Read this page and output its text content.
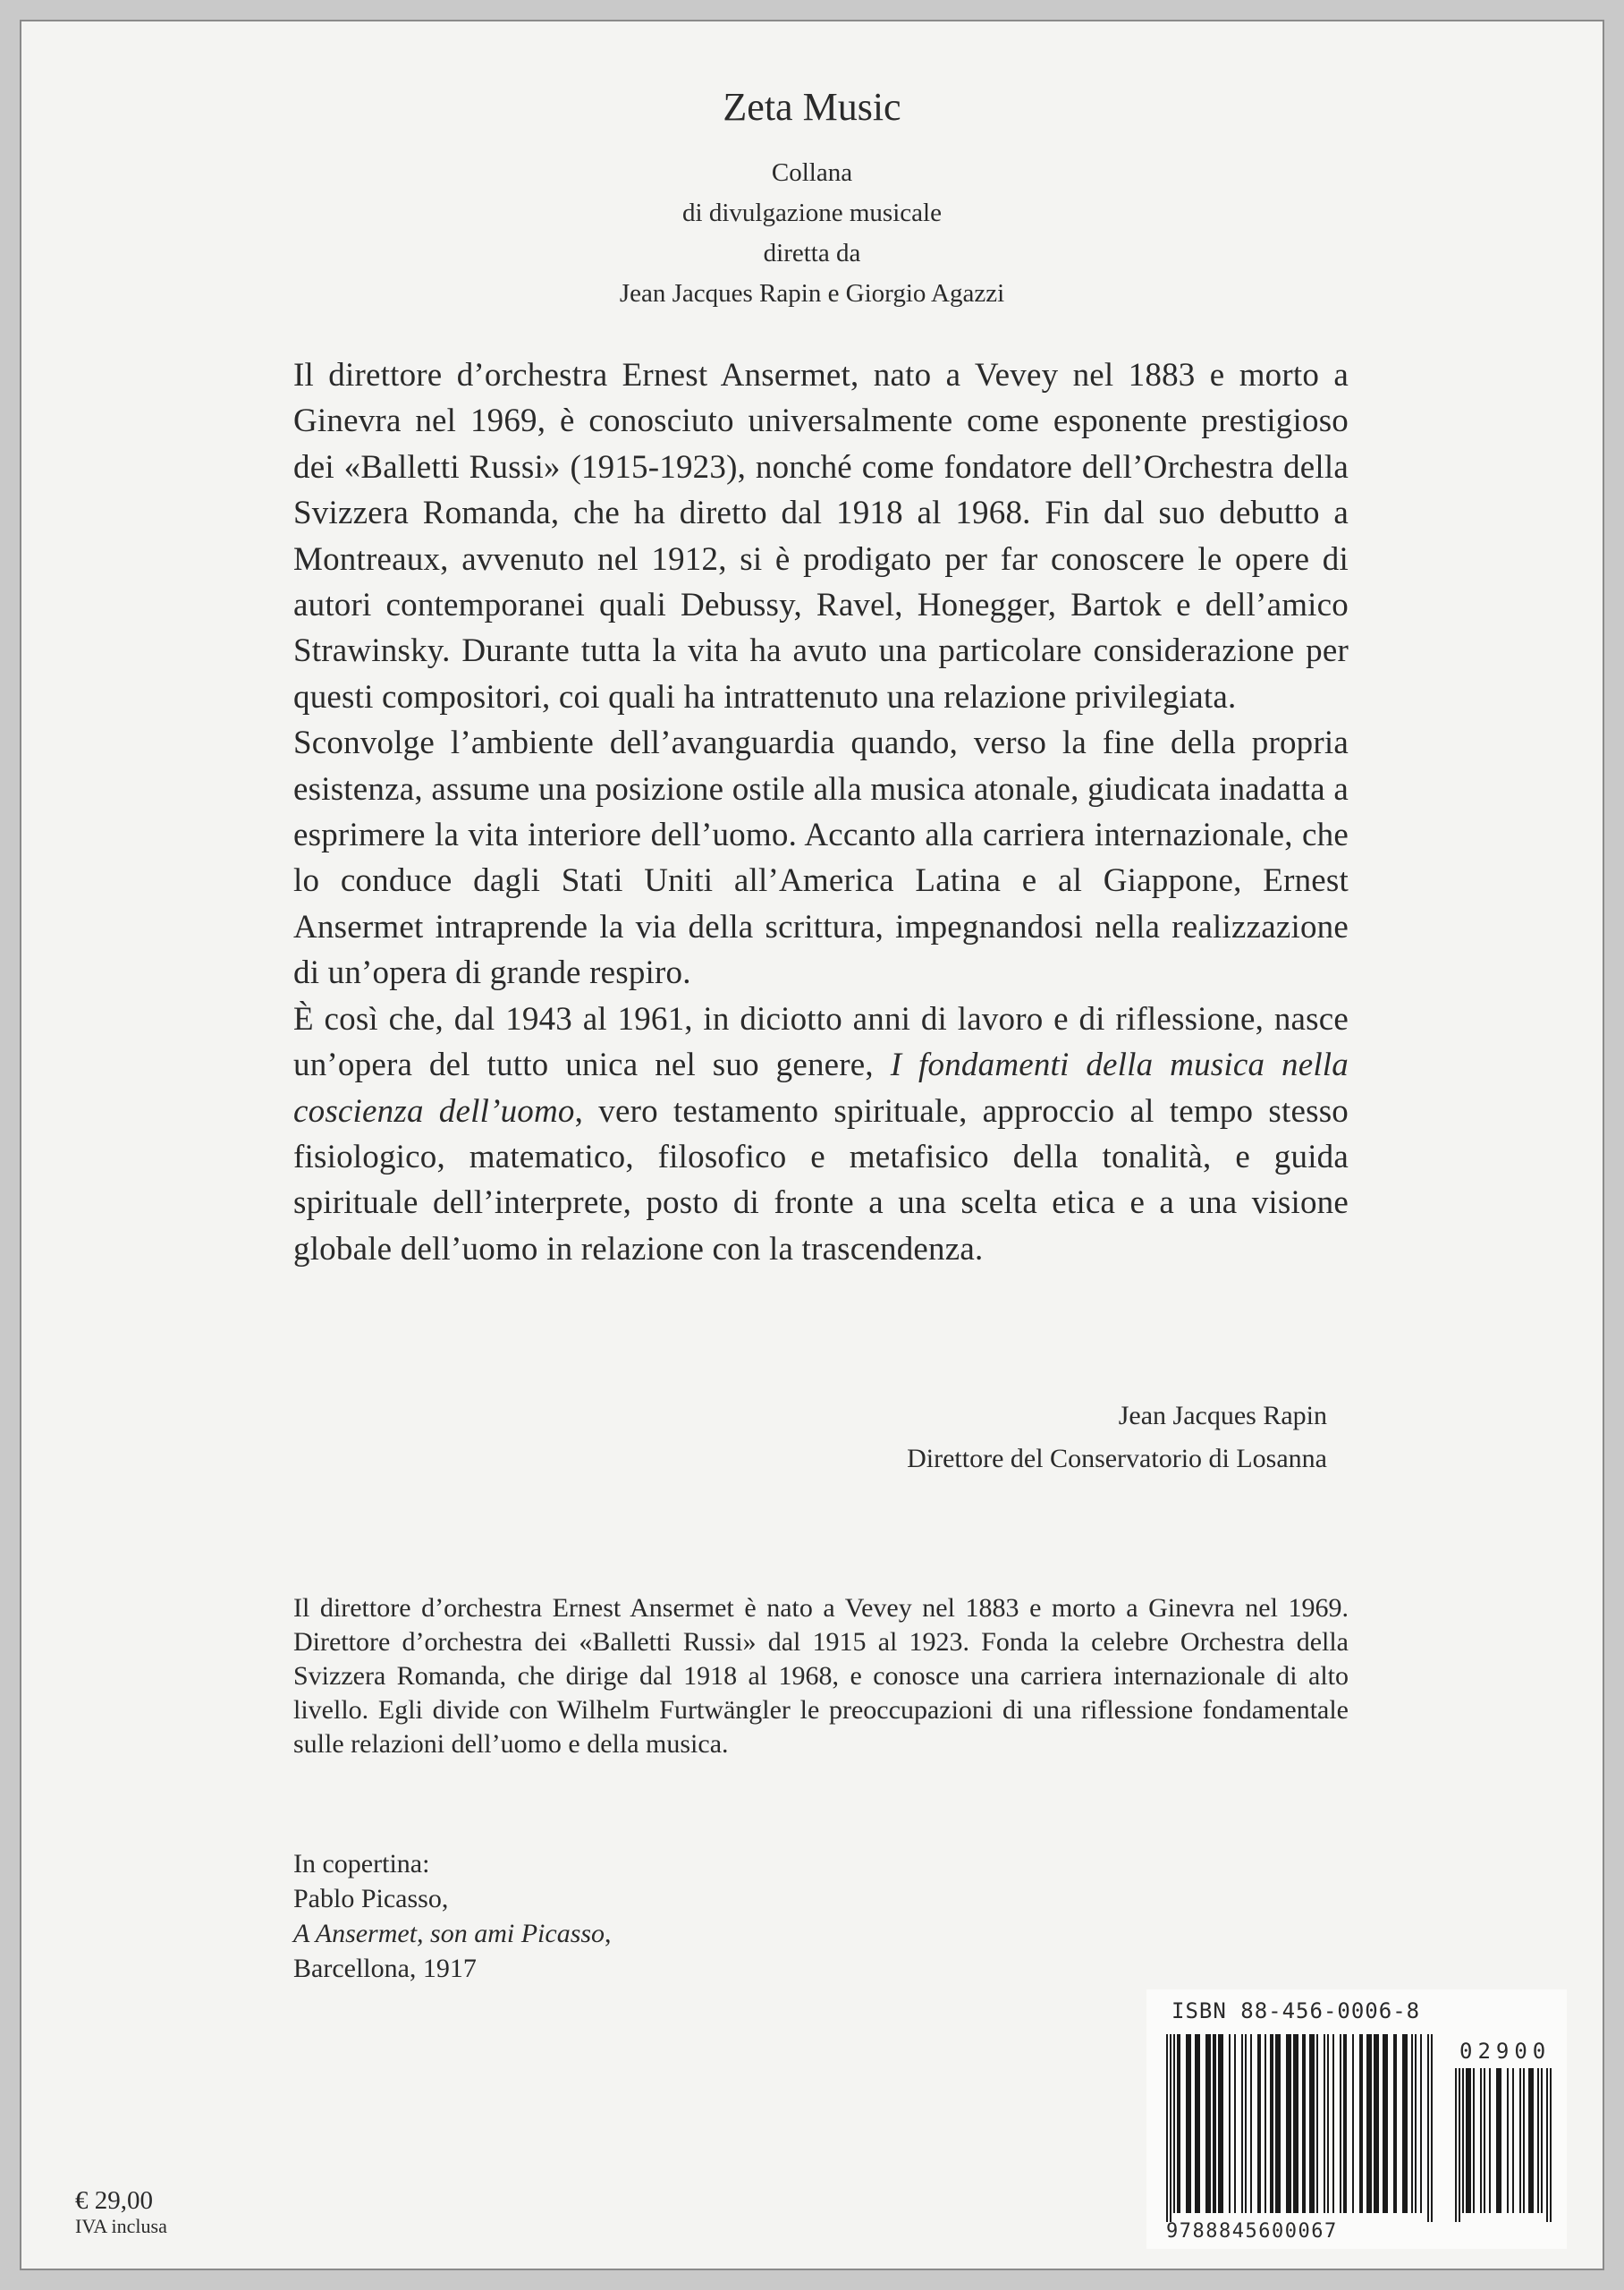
Zeta Music
Collana
di divulgazione musicale
diretta da
Jean Jacques Rapin e Giorgio Agazzi

Il direttore d’orchestra Ernest Ansermet, nato a Vevey nel 1883 e morto a Ginevra nel 1969, è conosciuto universalmente come esponente prestigioso dei «Balletti Russi» (1915-1923), nonché come fondatore dell’Orchestra della Svizzera Romanda, che ha diretto dal 1918 al 1968. Fin dal suo debutto a Montreaux, avvenuto nel 1912, si è prodigato per far conoscere le opere di autori contemporanei quali Debussy, Ravel, Honegger, Bartok e dell’amico Strawinsky. Durante tutta la vita ha avuto una particolare considerazione per questi compositori, coi quali ha intrattenuto una relazione privilegiata.

Sconvolge l’ambiente dell’avanguardia quando, verso la fine della propria esistenza, assume una posizione ostile alla musica atonale, giudicata inadatta a esprimere la vita interiore dell’uomo. Accanto alla carriera internazionale, che lo conduce dagli Stati Uniti all’America Latina e al Giappone, Ernest Ansermet intraprende la via della scrittura, impegnandosi nella realizzazione di un’opera di grande respiro.

È così che, dal 1943 al 1961, in diciotto anni di lavoro e di riflessione, nasce un’opera del tutto unica nel suo genere, I fondamenti della musica nella coscienza dell’uomo, vero testamento spirituale, approccio al tempo stesso fisiologico, matematico, filosofico e metafisico della tonalità, e guida spirituale dell’interprete, posto di fronte a una scelta etica e a una visione globale dell’uomo in relazione con la trascendenza.

Jean Jacques Rapin
Direttore del Conservatorio di Losanna
Il direttore d’orchestra Ernest Ansermet è nato a Vevey nel 1883 e morto a Ginevra nel 1969. Direttore d’orchestra dei «Balletti Russi» dal 1915 al 1923. Fonda la celebre Orchestra della Svizzera Romanda, che dirige dal 1918 al 1968, e conosce una carriera internazionale di alto livello. Egli divide con Wilhelm Furtwängler le preoccupazioni di una riflessione fondamentale sulle relazioni dell’uomo e della musica.
In copertina:
Pablo Picasso,
A Ansermet, son ami Picasso,
Barcellona, 1917
€ 29,00
IVA inclusa
ISBN 88-456-0006-8
02900
9788845600067
